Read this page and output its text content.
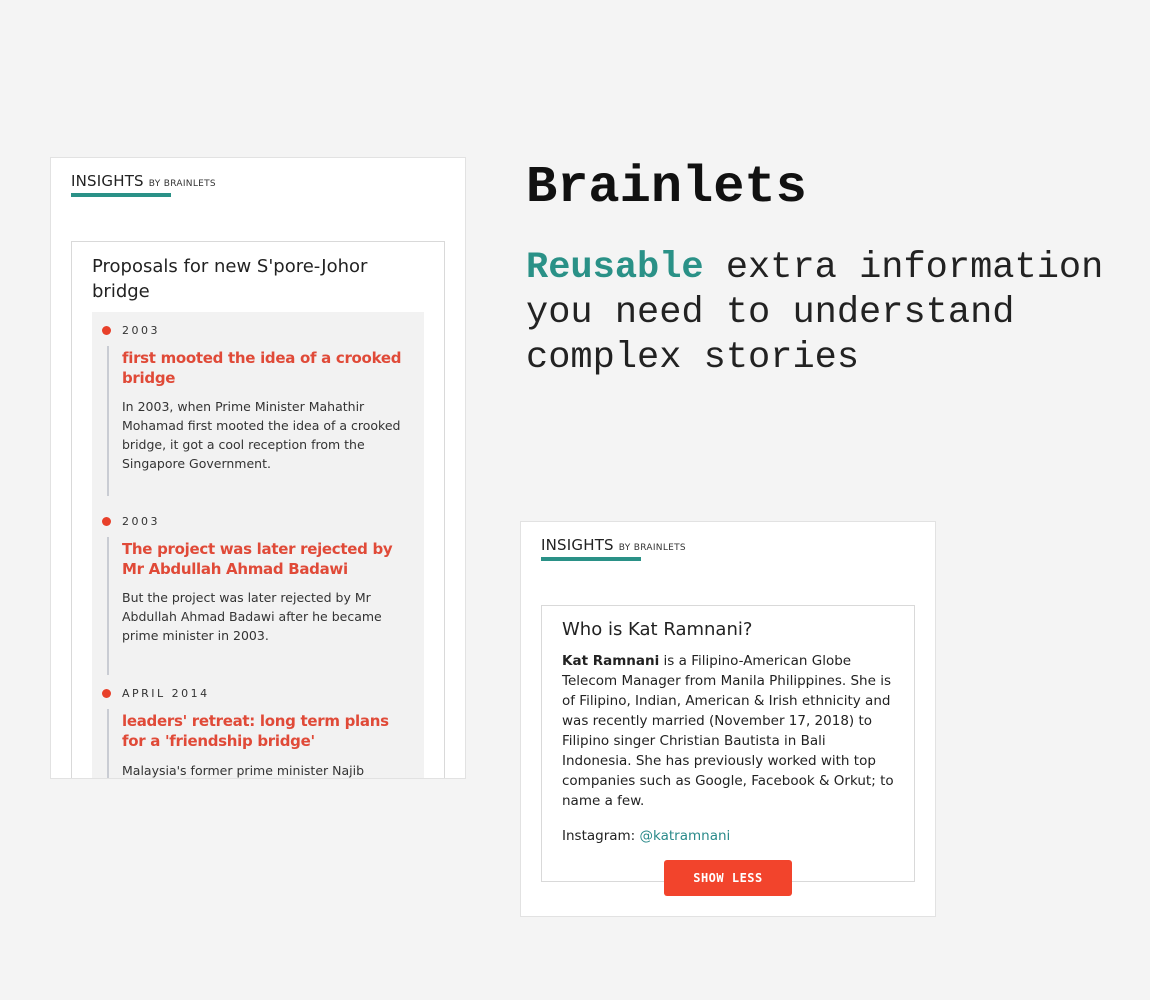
Brainlets

Reusable extra information you need to understand complex stories

INSIGHTS BY BRAINLETS
Proposals for new S'pore-Johor bridge
2003
first mooted the idea of a crooked bridge

In 2003, when Prime Minister Mahathir Mohamad first mooted the idea of a crooked bridge, it got a cool reception from the Singapore Government.

2003
The project was later rejected by Mr Abdullah Ahmad Badawi

But the project was later rejected by Mr Abdullah Ahmad Badawi after he became prime minister in 2003.

APRIL 2014
leaders' retreat: long term plans for a 'friendship bridge'

Malaysia's former prime minister Najib

INSIGHTS BY BRAINLETS
Who is Kat Ramnani?

Kat Ramnani is a Filipino-American Globe Telecom Manager from Manila Philippines. She is of Filipino, Indian, American & Irish ethnicity and was recently married (November 17, 2018) to Filipino singer Christian Bautista in Bali Indonesia. She has previously worked with top companies such as Google, Facebook & Orkut; to name a few.

Instagram: @katramnani

SHOW LESS
